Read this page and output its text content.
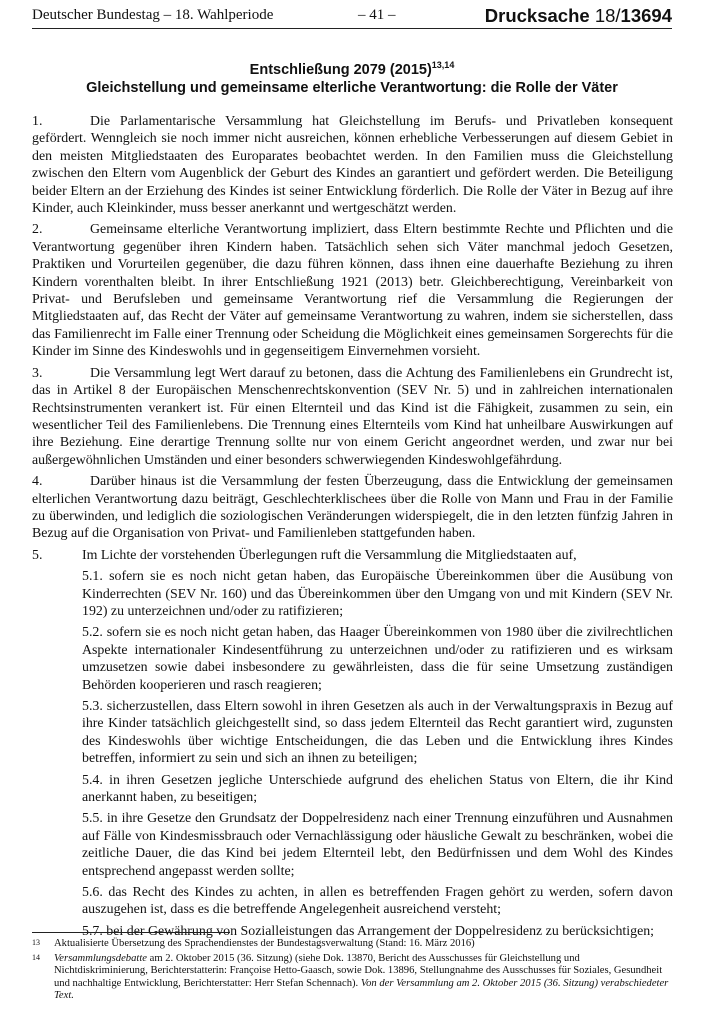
Deutscher Bundestag – 18. Wahlperiode	– 41 –	Drucksache 18/13694
Entschließung 2079 $(2015)^{13,14}$
Gleichstellung und gemeinsame elterliche Verantwortung: die Rolle der Väter

1.	Die Parlamentarische Versammlung hat Gleichstellung im Berufs- und Privatleben konsequent gefördert. Wenngleich sie noch immer nicht ausreichen, können erhebliche Verbesserungen auf diesem Gebiet in den meisten Mitgliedstaaten des Europarates beobachtet werden. In den Familien muss die Gleichstellung zwischen den Eltern vom Augenblick der Geburt des Kindes an garantiert und gefördert werden. Die Beteiligung beider Eltern an der Erziehung des Kindes ist seiner Entwicklung förderlich. Die Rolle der Väter in Bezug auf ihre Kinder, auch Kleinkinder, muss besser anerkannt und wertgeschätzt werden.

2.	Gemeinsame elterliche Verantwortung impliziert, dass Eltern bestimmte Rechte und Pflichten und die Verantwortung gegenüber ihren Kindern haben. Tatsächlich sehen sich Väter manchmal jedoch Gesetzen, Praktiken und Vorurteilen gegenüber, die dazu führen können, dass ihnen eine dauerhafte Beziehung zu ihren Kindern vorenthalten bleibt. In ihrer Entschließung 1921 (2013) betr. Gleichberechtigung, Vereinbarkeit von Privat- und Berufsleben und gemeinsame Verantwortung rief die Versammlung die Regierungen der Mitgliedstaaten auf, das Recht der Väter auf gemeinsame Verantwortung zu wahren, indem sie sicherstellen, dass das Familienrecht im Falle einer Trennung oder Scheidung die Möglichkeit eines gemeinsamen Sorgerechts für die Kinder im Sinne des Kindeswohls und in gegenseitigem Einvernehmen vorsieht.

3.	Die Versammlung legt Wert darauf zu betonen, dass die Achtung des Familienlebens ein Grundrecht ist, das in Artikel 8 der Europäischen Menschenrechtskonvention (SEV Nr. 5) und in zahlreichen internationalen Rechtsinstrumenten verankert ist. Für einen Elternteil und das Kind ist die Fähigkeit, zusammen zu sein, ein wesentlicher Teil des Familienlebens. Die Trennung eines Elternteils vom Kind hat unheilbare Auswirkungen auf ihre Beziehung. Eine derartige Trennung sollte nur von einem Gericht angeordnet werden, und zwar nur bei außergewöhnlichen Umständen und einer besonders schwerwiegenden Kindeswohlgefährdung.

4.	Darüber hinaus ist die Versammlung der festen Überzeugung, dass die Entwicklung der gemeinsamen elterlichen Verantwortung dazu beiträgt, Geschlechterklischees über die Rolle von Mann und Frau in der Familie zu überwinden, und lediglich die soziologischen Veränderungen widerspiegelt, die in den letzten fünfzig Jahren in Bezug auf die Organisation von Privat- und Familienleben stattgefunden haben.

5.	Im Lichte der vorstehenden Überlegungen ruft die Versammlung die Mitgliedstaaten auf,

5.1. sofern sie es noch nicht getan haben, das Europäische Übereinkommen über die Ausübung von Kinderrechten (SEV Nr. 160) und das Übereinkommen über den Umgang von und mit Kindern (SEV Nr. 192) zu unterzeichnen und/oder zu ratifizieren;

5.2. sofern sie es noch nicht getan haben, das Haager Übereinkommen von 1980 über die zivilrechtlichen Aspekte internationaler Kindesentführung zu unterzeichnen und/oder zu ratifizieren und es wirksam umzusetzen sowie dabei insbesondere zu gewährleisten, dass die für seine Umsetzung zuständigen Behörden kooperieren und rasch reagieren;

5.3. sicherzustellen, dass Eltern sowohl in ihren Gesetzen als auch in der Verwaltungspraxis in Bezug auf ihre Kinder tatsächlich gleichgestellt sind, so dass jedem Elternteil das Recht garantiert wird, zugunsten des Kindeswohls über wichtige Entscheidungen, die das Leben und die Entwicklung ihres Kindes betreffen, informiert zu sein und sich an ihnen zu beteiligen;

5.4. in ihren Gesetzen jegliche Unterschiede aufgrund des ehelichen Status von Eltern, die ihr Kind anerkannt haben, zu beseitigen;

5.5. in ihre Gesetze den Grundsatz der Doppelresidenz nach einer Trennung einzuführen und Ausnahmen auf Fälle von Kindesmissbrauch oder Vernachlässigung oder häusliche Gewalt zu beschränken, wobei die zeitliche Dauer, die das Kind bei jedem Elternteil lebt, den Bedürfnissen und dem Wohl des Kindes entsprechend angepasst werden sollte;

5.6. das Recht des Kindes zu achten, in allen es betreffenden Fragen gehört zu werden, sofern davon auszugehen ist, dass es die betreffende Angelegenheit ausreichend versteht;

5.7. bei der Gewährung von Sozialleistungen das Arrangement der Doppelresidenz zu berücksichtigen;

13 Aktualisierte Übersetzung des Sprachendienstes der Bundestagsverwaltung (Stand: 16. März 2016)

14 Versammlungsdebatte am 2. Oktober 2015 (36. Sitzung) (siehe Dok. 13870, Bericht des Ausschusses für Gleichstellung und Nichtdiskriminierung, Berichterstatterin: Françoise Hetto-Gaasch, sowie Dok. 13896, Stellungnahme des Ausschusses für Soziales, Gesundheit und nachhaltige Entwicklung, Berichterstatter: Herr Stefan Schennach). Von der Versammlung am 2. Oktober 2015 (36. Sitzung) verabschiedeter Text.
